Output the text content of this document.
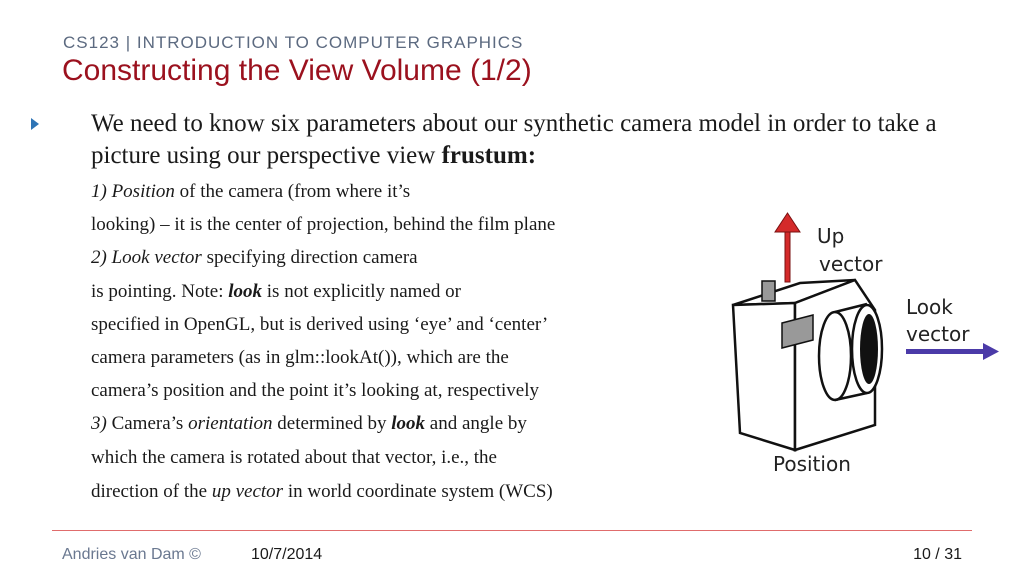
CS123 | INTRODUCTION TO COMPUTER GRAPHICS
Constructing the View Volume (1/2)
We need to know six parameters about our synthetic camera model in order to take a picture using our perspective view frustum:
1) Position of the camera (from where it’s
looking) – it is the center of projection, behind the film plane
2) Look vector specifying direction camera
is pointing. Note: look is not explicitly named or
specified in OpenGL, but is derived using ‘eye’ and ‘center’
camera parameters (as in glm::lookAt()), which are the
camera’s position and the point it’s looking at, respectively
3) Camera’s orientation determined by look and angle by
which the camera is rotated about that vector, i.e., the
direction of the up vector in world coordinate system (WCS)
Up
vector
Look
vector
Position
Andries van Dam ©	10/7/2014	10 / 31
